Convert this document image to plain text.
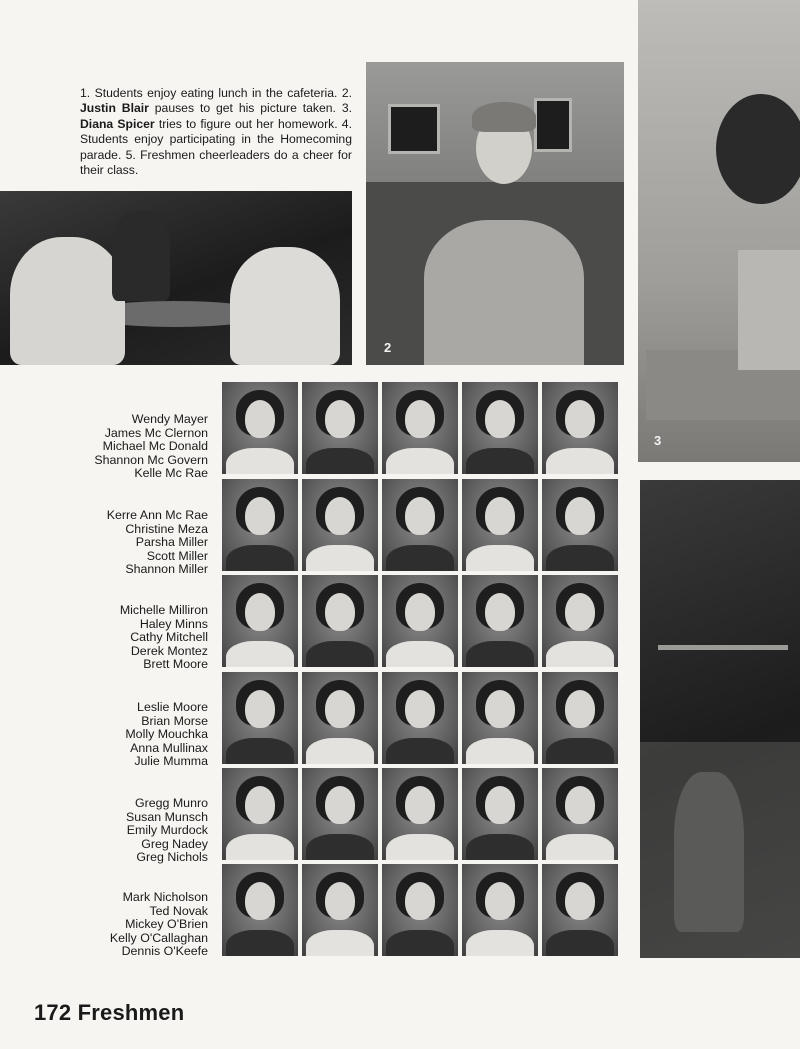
2
3

1. Students enjoy eating lunch in the cafeteria. 2. Justin Blair pauses to get his picture taken. 3. Diana Spicer tries to figure out her homework. 4. Students enjoy participating in the Homecoming parade. 5. Freshmen cheerleaders do a cheer for their class.

Wendy Mayer
James Mc Clernon
Michael Mc Donald
Shannon Mc Govern
Kelle Mc Rae
Kerre Ann Mc Rae
Christine Meza
Parsha Miller
Scott Miller
Shannon Miller
Michelle Milliron
Haley Minns
Cathy Mitchell
Derek Montez
Brett Moore
Leslie Moore
Brian Morse
Molly Mouchka
Anna Mullinax
Julie Mumma
Gregg Munro
Susan Munsch
Emily Murdock
Greg Nadey
Greg Nichols
Mark Nicholson
Ted Novak
Mickey O'Brien
Kelly O'Callaghan
Dennis O'Keefe
172 Freshmen
